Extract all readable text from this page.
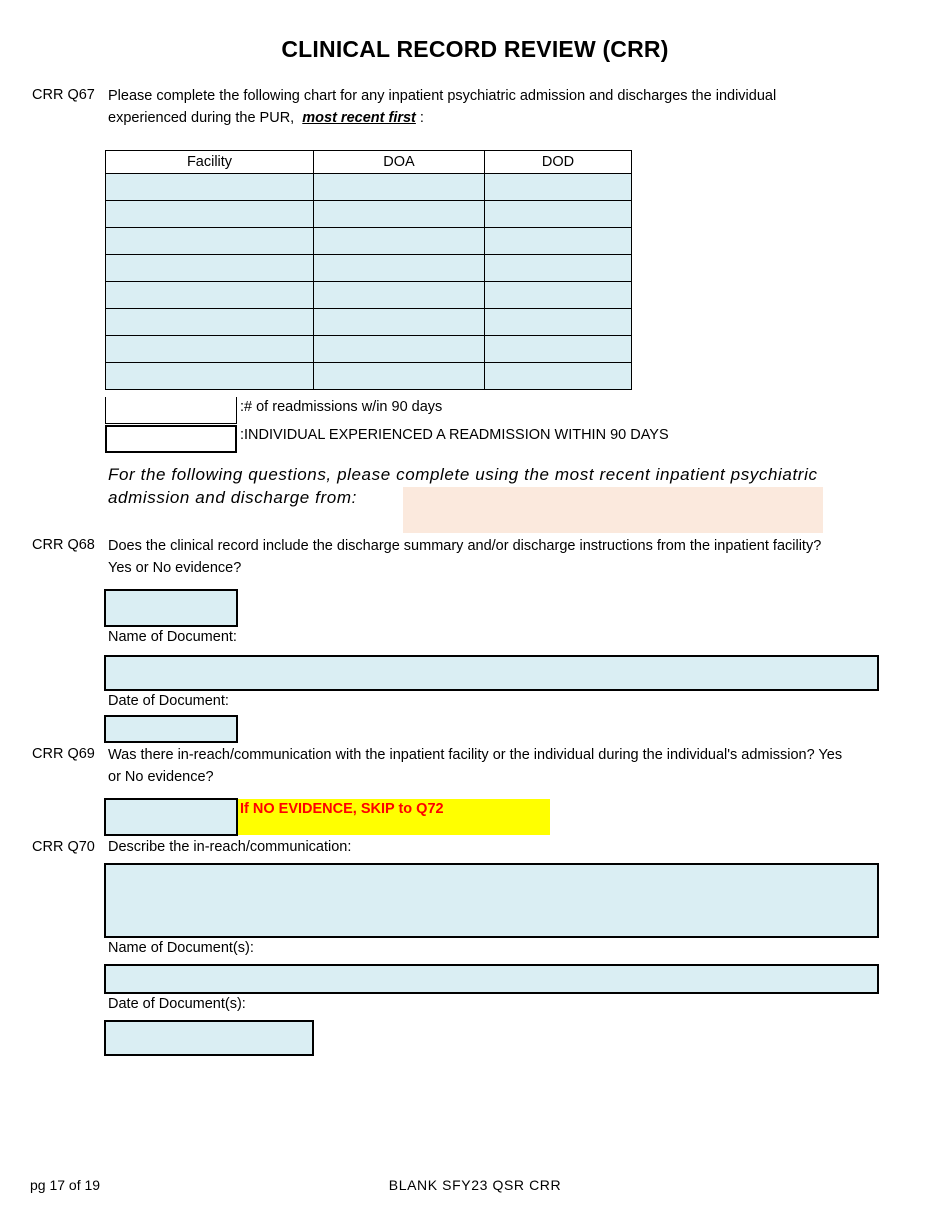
CLINICAL RECORD REVIEW (CRR)
CRR Q67 Please complete the following chart for any inpatient psychiatric admission and discharges the individual experienced during the PUR, most recent first :
Facility	DOA	DOD

:# of readmissions w/in 90 days
:INDIVIDUAL EXPERIENCED A READMISSION WITHIN 90 DAYS
For the following questions, please complete using the most recent inpatient psychiatric admission and discharge from:
CRR Q68 Does the clinical record include the discharge summary and/or discharge instructions from the inpatient facility? Yes or No evidence?
Name of Document:
Date of Document:
CRR Q69 Was there in-reach/communication with the inpatient facility or the individual during the individual's admission? Yes or No evidence?
If NO EVIDENCE, SKIP to Q72
CRR Q70 Describe the in-reach/communication:
Name of Document(s):
Date of Document(s):
pg 17 of 19	BLANK SFY23 QSR CRR
